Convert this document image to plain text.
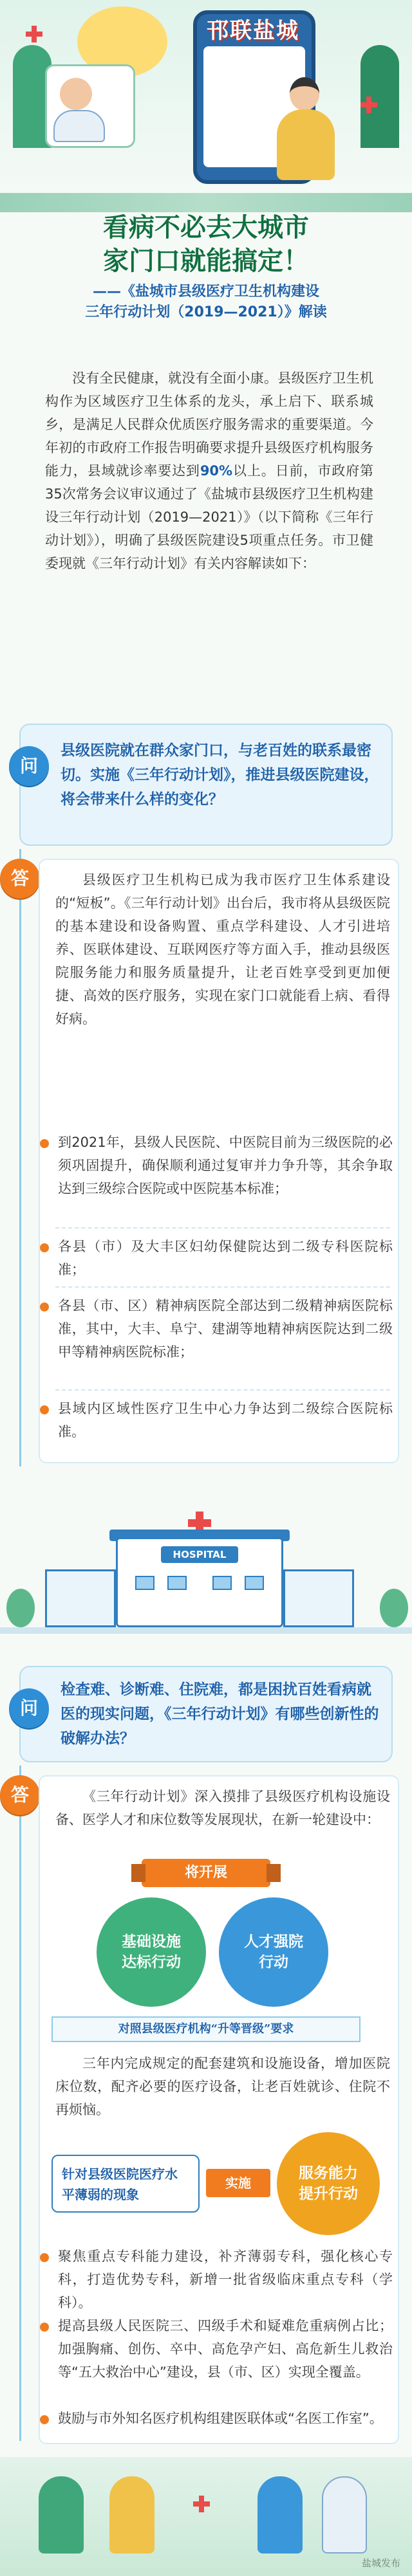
邗联盐城
看病不必去大城市
家门口就能搞定！
——《盐城市县级医疗卫生机构建设
三年行动计划（2019—2021）》解读
没有全民健康，就没有全面小康。县级医疗卫生机构作为区域医疗卫生体系的龙头，承上启下、联系城乡，是满足人民群众优质医疗服务需求的重要渠道。今年初的市政府工作报告明确要求提升县级医疗机构服务能力，县域就诊率要达到90%以上。日前，市政府第35次常务会议审议通过了《盐城市县级医疗卫生机构建设三年行动计划（2019—2021）》（以下简称《三年行动计划》），明确了县级医院建设5项重点任务。市卫健委现就《三年行动计划》有关内容解读如下：
问
县级医院就在群众家门口，与老百姓的联系最密切。实施《三年行动计划》，推进县级医院建设，将会带来什么样的变化？
答	县级医疗卫生机构已成为我市医疗卫生体系建设的“短板”。《三年行动计划》出台后，我市将从县级医院的基本建设和设备购置、重点学科建设、人才引进培养、医联体建设、互联网医疗等方面入手，推动县级医院服务能力和服务质量提升，让老百姓享受到更加便捷、高效的医疗服务，实现在家门口就能看上病、看得好病。
到2021年，县级人民医院、中医院目前为三级医院的必须巩固提升，确保顺利通过复审并力争升等，其余争取达到三级综合医院或中医院基本标准；
各县（市）及大丰区妇幼保健院达到二级专科医院标准；
各县（市、区）精神病医院全部达到二级精神病医院标准，其中，大丰、阜宁、建湖等地精神病医院达到二级甲等精神病医院标准；
县域内区域性医疗卫生中心力争达到二级综合医院标准。
HOSPITAL
问
检查难、诊断难、住院难，都是困扰百姓看病就医的现实问题，《三年行动计划》有哪些创新性的破解办法？
答	《三年行动计划》深入摸排了县级医疗机构设施设备、医学人才和床位数等发展现状，在新一轮建设中：
将开展
基础设施达标行动
人才强院行动
对照县级医疗机构“升等晋级”要求
三年内完成规定的配套建筑和设施设备，增加医院床位数，配齐必要的医疗设备，让老百姓就诊、住院不再烦恼。
针对县级医院医疗水平薄弱的现象
实施
服务能力提升行动
聚焦重点专科能力建设，补齐薄弱专科，强化核心专科，打造优势专科，新增一批省级临床重点专科（学科）。
提高县级人民医院三、四级手术和疑难危重病例占比；加强胸痛、创伤、卒中、高危孕产妇、高危新生儿救治等“五大救治中心”建设，县（市、区）实现全覆盖。
鼓励与市外知名医疗机构组建医联体或“名医工作室”。
盐城发布
